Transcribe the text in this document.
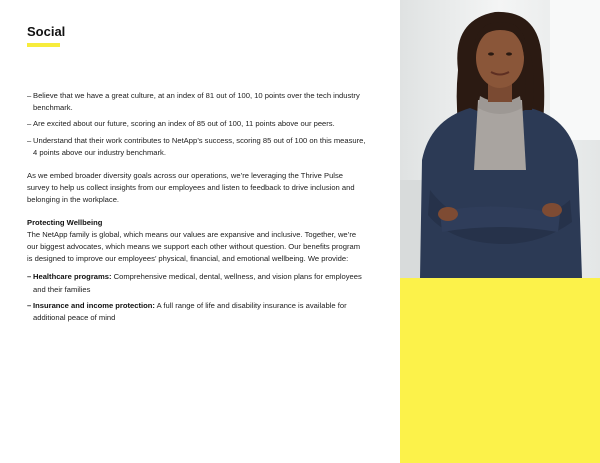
Social
– Believe that we have a great culture, at an index of 81 out of 100, 10 points over the tech industry benchmark.
– Are excited about our future, scoring an index of 85 out of 100, 11 points above our peers.
– Understand that their work contributes to NetApp’s success, scoring 85 out of 100 on this measure, 4 points above our industry benchmark.
As we embed broader diversity goals across our operations, we’re leveraging the Thrive Pulse survey to help us collect insights from our employees and listen to feedback to drive inclusion and belonging in the workplace.
Protecting Wellbeing
The NetApp family is global, which means our values are expansive and inclusive. Together, we’re our biggest advocates, which means we support each other without question. Our benefits program is designed to improve our employees’ physical, financial, and emotional wellbeing. We provide:
– Healthcare programs: Comprehensive medical, dental, wellness, and vision plans for employees and their families
– Insurance and income protection: A full range of life and disability insurance is available for additional peace of mind
